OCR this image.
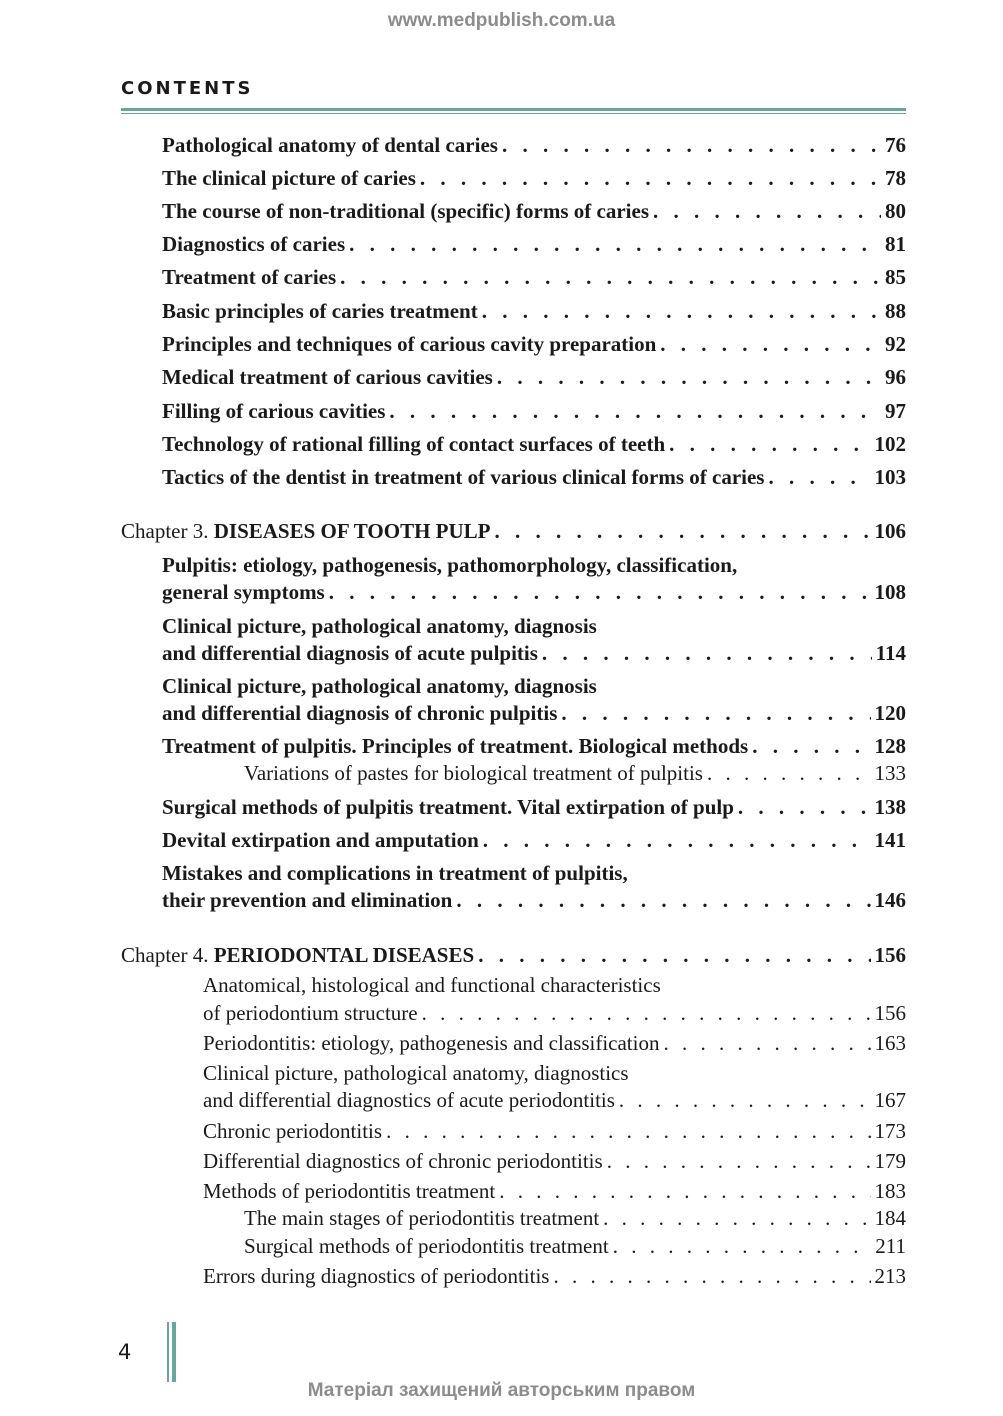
www.medpublish.com.ua
CONTENTS
Pathological anatomy of dental caries . . .	76
The clinical picture of caries . . .	78
The course of non-traditional (specific) forms of caries . . .	80
Diagnostics of caries . . .	81
Treatment of caries . . .	85
Basic principles of caries treatment . . .	88
Principles and techniques of carious cavity preparation . . .	92
Medical treatment of carious cavities . . .	96
Filling of carious cavities . . .	97
Technology of rational filling of contact surfaces of teeth . . .	102
Tactics of the dentist in treatment of various clinical forms of caries . . .	103
Chapter 3. DISEASES OF TOOTH PULP . . .	106
Pulpitis: etiology, pathogenesis, pathomorphology, classification,
general symptoms . . .	108
Clinical picture, pathological anatomy, diagnosis
and differential diagnosis of acute pulpitis . . .	114
Clinical picture, pathological anatomy, diagnosis
and differential diagnosis of chronic pulpitis . . .	120
Treatment of pulpitis. Principles of treatment. Biological methods . . .	128
Variations of pastes for biological treatment of pulpitis . . .	133
Surgical methods of pulpitis treatment. Vital extirpation of pulp . . .	138
Devital extirpation and amputation . . .	141
Mistakes and complications in treatment of pulpitis,
their prevention and elimination . . .	146
Chapter 4. PERIODONTAL DISEASES . . .	156
Anatomical, histological and functional characteristics
of periodontium structure . . .	156
Periodontitis: etiology, pathogenesis and classification . . .	163
Clinical picture, pathological anatomy, diagnostics
and differential diagnostics of acute periodontitis . . .	167
Chronic periodontitis . . .	173
Differential diagnostics of chronic periodontitis . . .	179
Methods of periodontitis treatment . . .	183
The main stages of periodontitis treatment . . .	184
Surgical methods of periodontitis treatment . . .	211
Errors during diagnostics of periodontitis . . .	213
4
Матеріал захищений авторським правом
